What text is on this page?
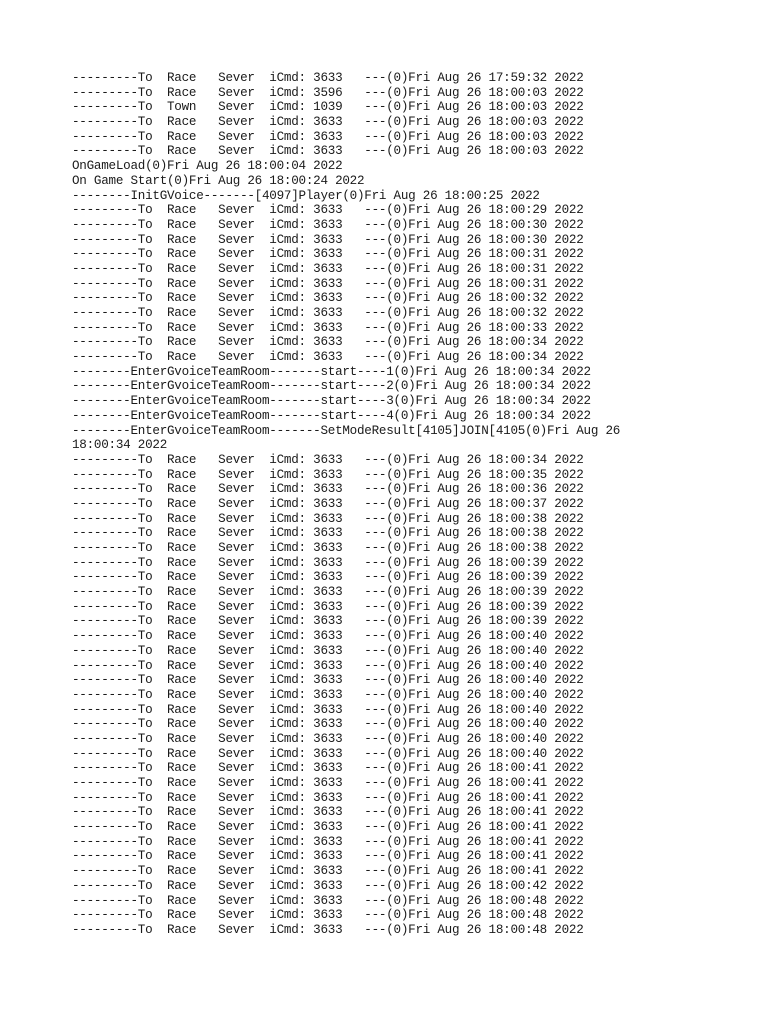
---------To  Race   Sever  iCmd: 3633   ---(0)Fri Aug 26 17:59:32 2022
---------To  Race   Sever  iCmd: 3596   ---(0)Fri Aug 26 18:00:03 2022
---------To  Town   Sever  iCmd: 1039   ---(0)Fri Aug 26 18:00:03 2022
---------To  Race   Sever  iCmd: 3633   ---(0)Fri Aug 26 18:00:03 2022
---------To  Race   Sever  iCmd: 3633   ---(0)Fri Aug 26 18:00:03 2022
---------To  Race   Sever  iCmd: 3633   ---(0)Fri Aug 26 18:00:03 2022
OnGameLoad(0)Fri Aug 26 18:00:04 2022
On Game Start(0)Fri Aug 26 18:00:24 2022
--------InitGVoice-------[4097]Player(0)Fri Aug 26 18:00:25 2022
---------To  Race   Sever  iCmd: 3633   ---(0)Fri Aug 26 18:00:29 2022
---------To  Race   Sever  iCmd: 3633   ---(0)Fri Aug 26 18:00:30 2022
---------To  Race   Sever  iCmd: 3633   ---(0)Fri Aug 26 18:00:30 2022
---------To  Race   Sever  iCmd: 3633   ---(0)Fri Aug 26 18:00:31 2022
---------To  Race   Sever  iCmd: 3633   ---(0)Fri Aug 26 18:00:31 2022
---------To  Race   Sever  iCmd: 3633   ---(0)Fri Aug 26 18:00:31 2022
---------To  Race   Sever  iCmd: 3633   ---(0)Fri Aug 26 18:00:32 2022
---------To  Race   Sever  iCmd: 3633   ---(0)Fri Aug 26 18:00:32 2022
---------To  Race   Sever  iCmd: 3633   ---(0)Fri Aug 26 18:00:33 2022
---------To  Race   Sever  iCmd: 3633   ---(0)Fri Aug 26 18:00:34 2022
---------To  Race   Sever  iCmd: 3633   ---(0)Fri Aug 26 18:00:34 2022
--------EnterGvoiceTeamRoom-------start----1(0)Fri Aug 26 18:00:34 2022
--------EnterGvoiceTeamRoom-------start----2(0)Fri Aug 26 18:00:34 2022
--------EnterGvoiceTeamRoom-------start----3(0)Fri Aug 26 18:00:34 2022
--------EnterGvoiceTeamRoom-------start----4(0)Fri Aug 26 18:00:34 2022
--------EnterGvoiceTeamRoom-------SetModeResult[4105]JOIN[4105(0)Fri Aug 26
18:00:34 2022
---------To  Race   Sever  iCmd: 3633   ---(0)Fri Aug 26 18:00:34 2022
---------To  Race   Sever  iCmd: 3633   ---(0)Fri Aug 26 18:00:35 2022
---------To  Race   Sever  iCmd: 3633   ---(0)Fri Aug 26 18:00:36 2022
---------To  Race   Sever  iCmd: 3633   ---(0)Fri Aug 26 18:00:37 2022
---------To  Race   Sever  iCmd: 3633   ---(0)Fri Aug 26 18:00:38 2022
---------To  Race   Sever  iCmd: 3633   ---(0)Fri Aug 26 18:00:38 2022
---------To  Race   Sever  iCmd: 3633   ---(0)Fri Aug 26 18:00:38 2022
---------To  Race   Sever  iCmd: 3633   ---(0)Fri Aug 26 18:00:39 2022
---------To  Race   Sever  iCmd: 3633   ---(0)Fri Aug 26 18:00:39 2022
---------To  Race   Sever  iCmd: 3633   ---(0)Fri Aug 26 18:00:39 2022
---------To  Race   Sever  iCmd: 3633   ---(0)Fri Aug 26 18:00:39 2022
---------To  Race   Sever  iCmd: 3633   ---(0)Fri Aug 26 18:00:39 2022
---------To  Race   Sever  iCmd: 3633   ---(0)Fri Aug 26 18:00:40 2022
---------To  Race   Sever  iCmd: 3633   ---(0)Fri Aug 26 18:00:40 2022
---------To  Race   Sever  iCmd: 3633   ---(0)Fri Aug 26 18:00:40 2022
---------To  Race   Sever  iCmd: 3633   ---(0)Fri Aug 26 18:00:40 2022
---------To  Race   Sever  iCmd: 3633   ---(0)Fri Aug 26 18:00:40 2022
---------To  Race   Sever  iCmd: 3633   ---(0)Fri Aug 26 18:00:40 2022
---------To  Race   Sever  iCmd: 3633   ---(0)Fri Aug 26 18:00:40 2022
---------To  Race   Sever  iCmd: 3633   ---(0)Fri Aug 26 18:00:40 2022
---------To  Race   Sever  iCmd: 3633   ---(0)Fri Aug 26 18:00:40 2022
---------To  Race   Sever  iCmd: 3633   ---(0)Fri Aug 26 18:00:41 2022
---------To  Race   Sever  iCmd: 3633   ---(0)Fri Aug 26 18:00:41 2022
---------To  Race   Sever  iCmd: 3633   ---(0)Fri Aug 26 18:00:41 2022
---------To  Race   Sever  iCmd: 3633   ---(0)Fri Aug 26 18:00:41 2022
---------To  Race   Sever  iCmd: 3633   ---(0)Fri Aug 26 18:00:41 2022
---------To  Race   Sever  iCmd: 3633   ---(0)Fri Aug 26 18:00:41 2022
---------To  Race   Sever  iCmd: 3633   ---(0)Fri Aug 26 18:00:41 2022
---------To  Race   Sever  iCmd: 3633   ---(0)Fri Aug 26 18:00:41 2022
---------To  Race   Sever  iCmd: 3633   ---(0)Fri Aug 26 18:00:42 2022
---------To  Race   Sever  iCmd: 3633   ---(0)Fri Aug 26 18:00:48 2022
---------To  Race   Sever  iCmd: 3633   ---(0)Fri Aug 26 18:00:48 2022
---------To  Race   Sever  iCmd: 3633   ---(0)Fri Aug 26 18:00:48 2022
